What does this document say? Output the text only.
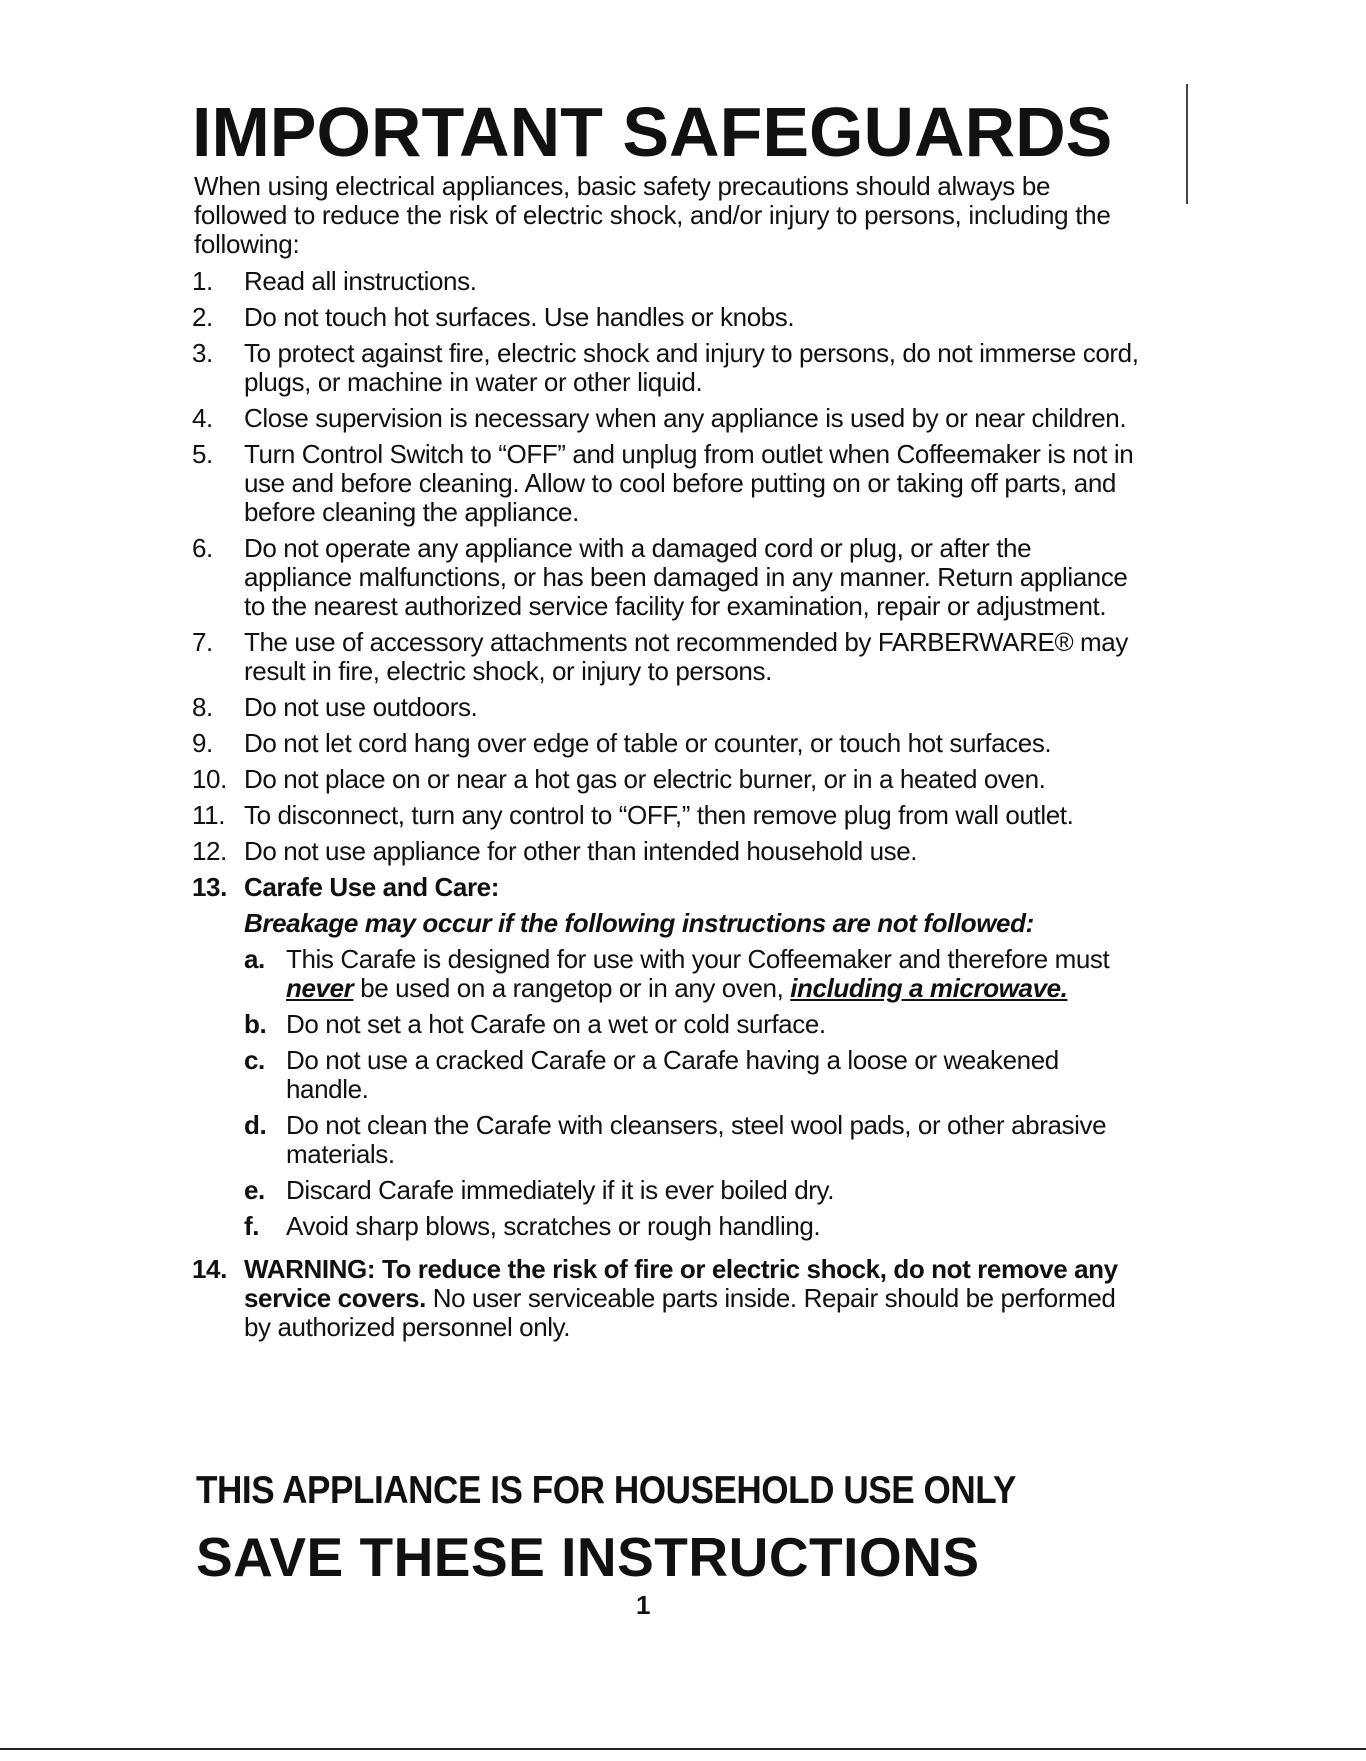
IMPORTANT SAFEGUARDS

When using electrical appliances, basic safety precautions should always be followed to reduce the risk of electric shock, and/or injury to persons, including the following:

1.	Read all instructions.
2.	Do not touch hot surfaces. Use handles or knobs.
3.	To protect against fire, electric shock and injury to persons, do not immerse cord, plugs, or machine in water or other liquid.
4.	Close supervision is necessary when any appliance is used by or near children.
5.	Turn Control Switch to “OFF” and unplug from outlet when Coffeemaker is not in use and before cleaning. Allow to cool before putting on or taking off parts, and before cleaning the appliance.
6.	Do not operate any appliance with a damaged cord or plug, or after the appliance malfunctions, or has been damaged in any manner. Return appliance to the nearest authorized service facility for examination, repair or adjustment.
7.	The use of accessory attachments not recommended by FARBERWARE® may result in fire, electric shock, or injury to persons.
8.	Do not use outdoors.
9.	Do not let cord hang over edge of table or counter, or touch hot surfaces.
10. Do not place on or near a hot gas or electric burner, or in a heated oven.
11. To disconnect, turn any control to “OFF,” then remove plug from wall outlet.
12. Do not use appliance for other than intended household use.
13. Carafe Use and Care:
Breakage may occur if the following instructions are not followed:
a. This Carafe is designed for use with your Coffeemaker and therefore must never be used on a rangetop or in any oven, including a microwave.
b. Do not set a hot Carafe on a wet or cold surface.
c. Do not use a cracked Carafe or a Carafe having a loose or weakened handle.
d. Do not clean the Carafe with cleansers, steel wool pads, or other abrasive materials.
e. Discard Carafe immediately if it is ever boiled dry.
f.	Avoid sharp blows, scratches or rough handling.
14. WARNING: To reduce the risk of fire or electric shock, do not remove any service covers. No user serviceable parts inside. Repair should be performed by authorized personnel only.
THIS APPLIANCE IS FOR HOUSEHOLD USE ONLY
SAVE THESE INSTRUCTIONS
1
